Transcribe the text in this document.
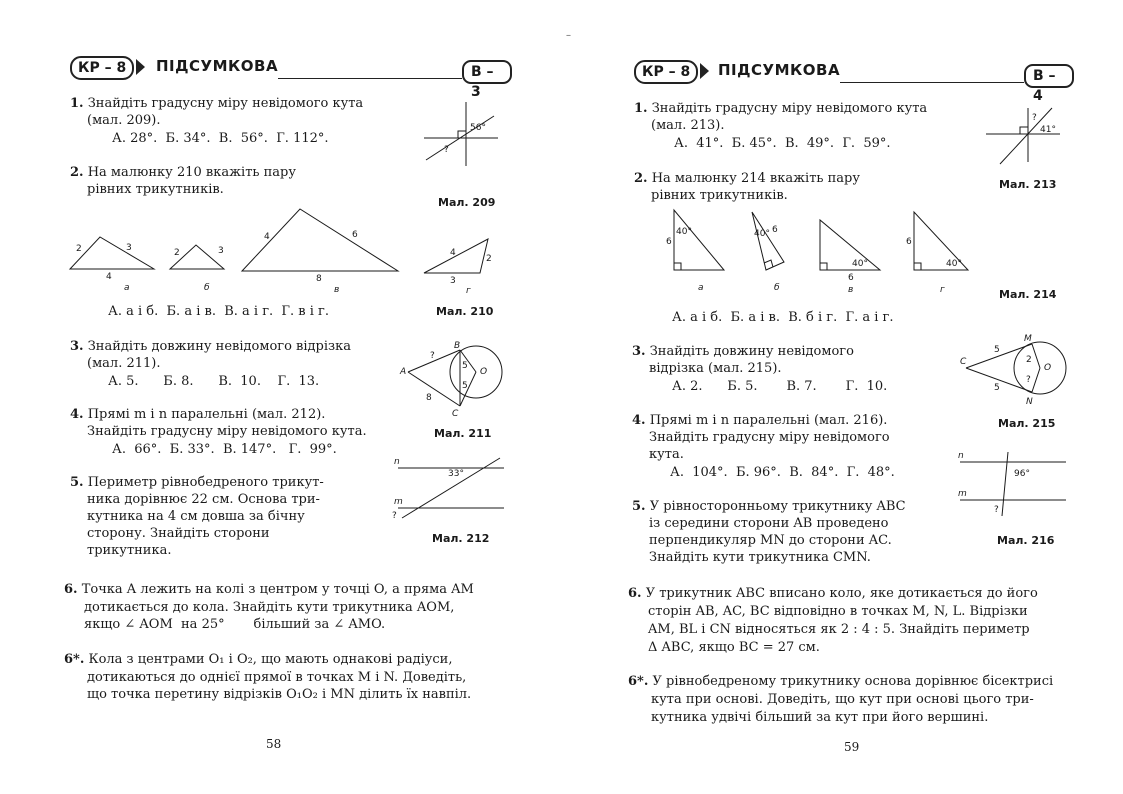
–
КР – 8	ПІДСУМКОВА	В – 3
1. Знайдіть градусну міру невідомого кута
(мал. 209).
А. 28°.  Б. 34°.  В.  56°.  Г. 112°.
2. На малюнку 210 вкажіть пару
рівних трикутників.
А. а і б.  Б. а і в.  В. а і г.  Г. в і г.
3. Знайдіть довжину невідомого відрізка
(мал. 211).
А. 5.      Б. 8.      В.  10.    Г.  13.
4. Прямі m і n паралельні (мал. 212).
Знайдіть градусну міру невідомого кута.
А.  66°.  Б. 33°.  В. 147°.   Г.  99°.
5. Периметр рівнобедреного трикут-
ника дорівнює 22 см. Основа три-
кутника на 4 см довша за бічну
сторону. Знайдіть сторони
трикутника.
6. Точка A лежить на колі з центром у точці O, а пряма AM
дотикається до кола. Знайдіть кути трикутника AOM,
якщо ∠ AOM  на 25°       більший за ∠ AMO.
6*. Кола з центрами O₁ і O₂, що мають однакові радіуси,
дотикаються до однієї прямої в точках M і N. Доведіть,
що точка перетину відрізків O₁O₂ і MN ділить їх навпіл.
56°
?
Мал. 209
2	3
4
а
2	3
б
4	6
8
в
4
2
3
г
Мал. 210
A
B
C
O
?
5
5
8
Мал. 211
n
m
33°
?
Мал. 212
58
КР – 8	ПІДСУМКОВА	В – 4
1. Знайдіть градусну міру невідомого кута
(мал. 213).
А.  41°.  Б. 45°.  В.  49°.  Г.  59°.
2. На малюнку 214 вкажіть пару
рівних трикутників.
А. а і б.  Б. а і в.  В. б і г.  Г. а і г.
3. Знайдіть довжину невідомого
відрізка (мал. 215).
А. 2.      Б. 5.       В. 7.       Г.  10.
4. Прямі m і n паралельні (мал. 216).
Знайдіть градусну міру невідомого
кута.
А.  104°.  Б. 96°.  В.  84°.  Г.  48°.
5. У рівносторонньому трикутнику ABC
із середини сторони AB проведено
перпендикуляр MN до сторони AC.
Знайдіть кути трикутника CMN.
6. У трикутник ABC вписано коло, яке дотикається до його
сторін AB, AC, BC відповідно в точках M, N, L. Відрізки
AM, BL і CN відносяться як 2 : 4 : 5. Знайдіть периметр
Δ ABC, якщо BC = 27 см.
6*. У рівнобедреному трикутнику основа дорівнює бісектрисі
кута при основі. Доведіть, що кут при основі цього три-
кутника удвічі більший за кут при його вершині.
?
41°
Мал. 213
40°
6
а
40° 6
б
40°
6
в
6
40°
г	Мал. 214
M
C
O
N
5
5
2
?
Мал. 215
n
m
96°
?
Мал. 216
59
